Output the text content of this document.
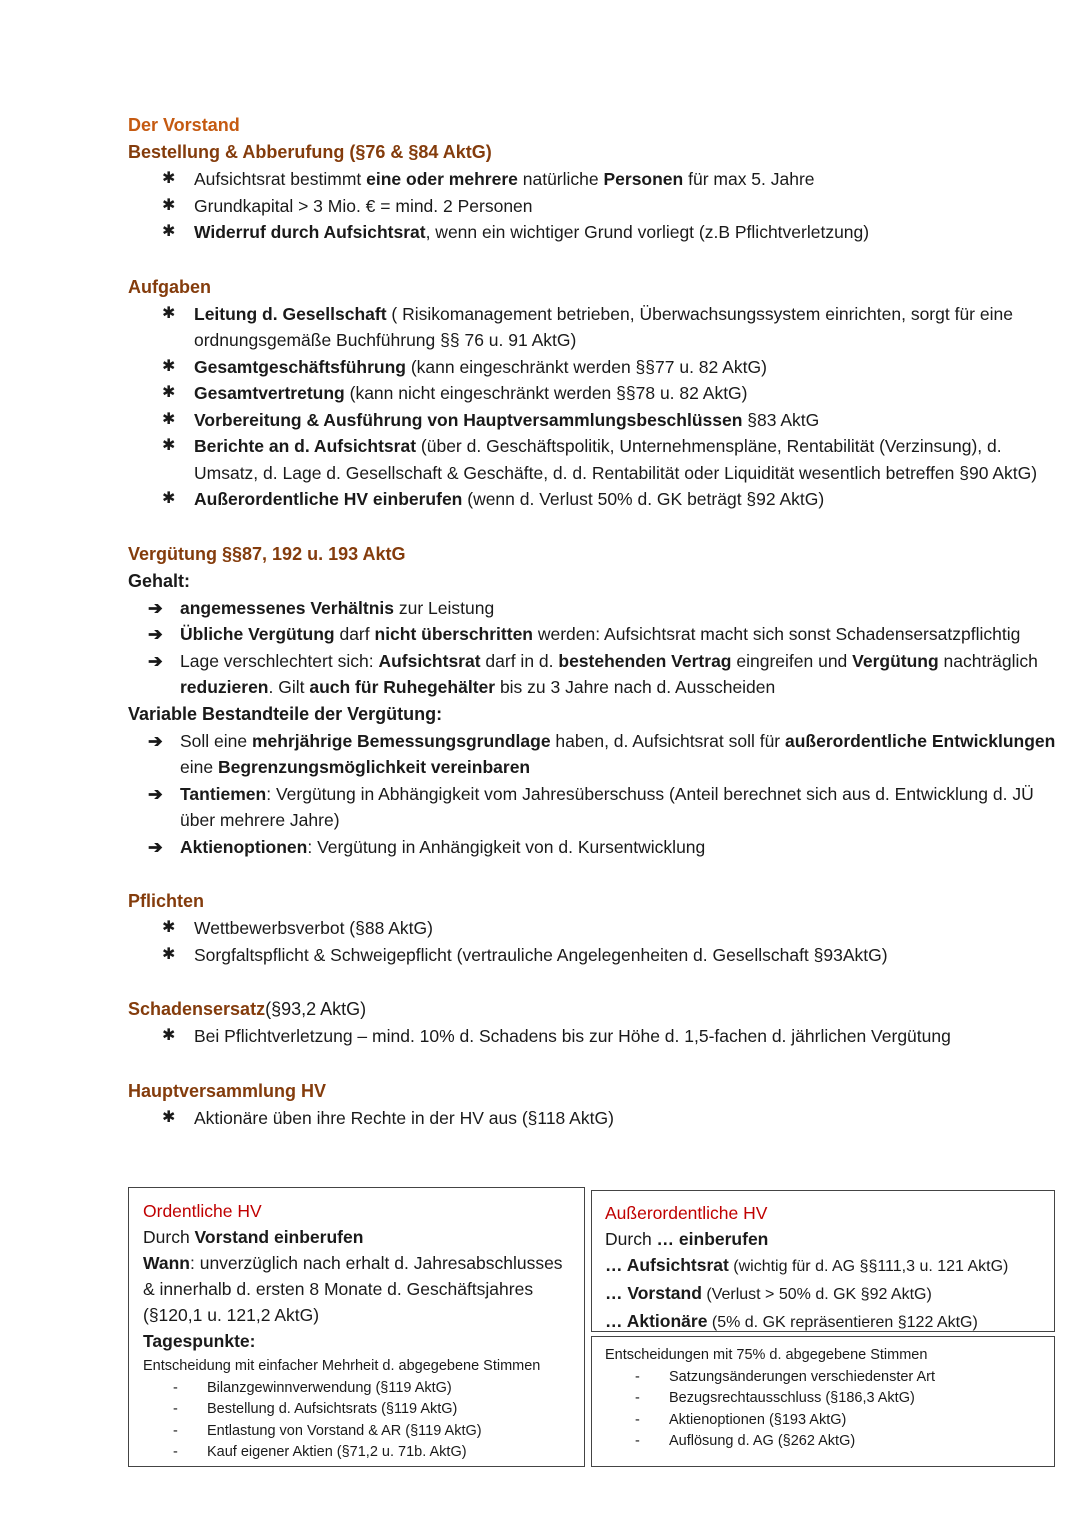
Der Vorstand

Bestellung & Abberufung (§76 & §84 AktG)

✱ Aufsichtsrat bestimmt eine oder mehrere natürliche Personen für max 5. Jahre
✱ Grundkapital > 3 Mio. € = mind. 2 Personen
✱ Widerruf durch Aufsichtsrat, wenn ein wichtiger Grund vorliegt (z.B Pflichtverletzung)

Aufgaben

✱ Leitung d. Gesellschaft ( Risikomanagement betrieben, Überwachsungssystem einrichten, sorgt für eine ordnungsgemäße Buchführung §§ 76 u. 91 AktG)
✱ Gesamtgeschäftsführung (kann eingeschränkt werden §§77 u. 82 AktG)
✱ Gesamtvertretung (kann nicht eingeschränkt werden §§78 u. 82 AktG)
✱ Vorbereitung & Ausführung von Hauptversammlungsbeschlüssen §83 AktG
✱ Berichte an d. Aufsichtsrat (über d. Geschäftspolitik, Unternehmenspläne, Rentabilität (Verzinsung), d. Umsatz, d. Lage d. Gesellschaft & Geschäfte, d. d. Rentabilität oder Liquidität wesentlich betreffen §90 AktG)
✱ Außerordentliche HV einberufen (wenn d. Verlust 50% d. GK beträgt §92 AktG)

Vergütung §§87, 192 u. 193 AktG

Gehalt:

➔ angemessenes Verhältnis zur Leistung
➔ Übliche Vergütung darf nicht überschritten werden: Aufsichtsrat macht sich sonst Schadensersatzpflichtig
➔ Lage verschlechtert sich: Aufsichtsrat darf in d. bestehenden Vertrag eingreifen und Vergütung nachträglich reduzieren. Gilt auch für Ruhegehälter bis zu 3 Jahre nach d. Ausscheiden

Variable Bestandteile der Vergütung:

➔ Soll eine mehrjährige Bemessungsgrundlage haben, d. Aufsichtsrat soll für außerordentliche Entwicklungen eine Begrenzungsmöglichkeit vereinbaren
➔ Tantiemen: Vergütung in Abhängigkeit vom Jahresüberschuss (Anteil berechnet sich aus d. Entwicklung d. JÜ über mehrere Jahre)
➔ Aktienoptionen: Vergütung in Anhängigkeit von d. Kursentwicklung

Pflichten

✱ Wettbewerbsverbot (§88 AktG)
✱ Sorgfaltspflicht & Schweigepflicht (vertrauliche Angelegenheiten d. Gesellschaft §93AktG)

Schadensersatz(§93,2 AktG)

✱ Bei Pflichtverletzung – mind. 10% d. Schadens bis zur Höhe d. 1,5-fachen d. jährlichen Vergütung

Hauptversammlung HV

✱ Aktionäre üben ihre Rechte in der HV aus (§118 AktG)
Ordentliche HV

Durch Vorstand einberufen

Wann: unverzüglich nach erhalt d. Jahresabschlusses & innerhalb d. ersten 8 Monate d. Geschäftsjahres (§120,1 u. 121,2 AktG)

Tagespunkte:

Entscheidung mit einfacher Mehrheit d. abgegebene Stimmen
- Bilanzgewinnverwendung (§119 AktG)
- Bestellung d. Aufsichtsrats (§119 AktG)
- Entlastung von Vorstand & AR (§119 AktG)
- Kauf eigener Aktien (§71,2 u. 71b. AktG)
Außerordentliche HV

Durch … einberufen

… Aufsichtsrat (wichtig für d. AG §§111,3 u. 121 AktG)

… Vorstand (Verlust > 50% d. GK §92 AktG)

… Aktionäre (5% d. GK repräsentieren §122 AktG)

Entscheidungen mit 75% d. abgegebene Stimmen
- Satzungsänderungen verschiedenster Art
- Bezugsrechtausschluss (§186,3 AktG)
- Aktienoptionen (§193 AktG)
- Auflösung d. AG (§262 AktG)
